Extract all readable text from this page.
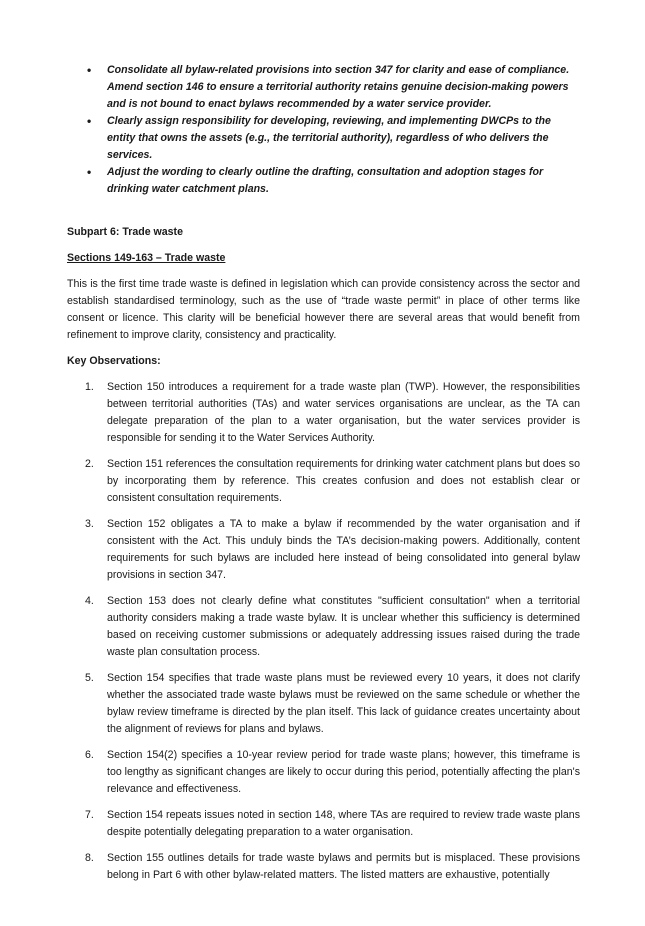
• Consolidate all bylaw-related provisions into section 347 for clarity and ease of compliance. Amend section 146 to ensure a territorial authority retains genuine decision-making powers and is not bound to enact bylaws recommended by a water service provider.
• Clearly assign responsibility for developing, reviewing, and implementing DWCPs to the entity that owns the assets (e.g., the territorial authority), regardless of who delivers the services.
• Adjust the wording to clearly outline the drafting, consultation and adoption stages for drinking water catchment plans.

Subpart 6: Trade waste

Sections 149-163 – Trade waste

This is the first time trade waste is defined in legislation which can provide consistency across the sector and establish standardised terminology, such as the use of “trade waste permit” in place of other terms like consent or licence. This clarity will be beneficial however there are several areas that would benefit from refinement to improve clarity, consistency and practicality.

Key Observations:

1. Section 150 introduces a requirement for a trade waste plan (TWP). However, the responsibilities between territorial authorities (TAs) and water services organisations are unclear, as the TA can delegate preparation of the plan to a water organisation, but the water services provider is responsible for sending it to the Water Services Authority.
2. Section 151 references the consultation requirements for drinking water catchment plans but does so by incorporating them by reference. This creates confusion and does not establish clear or consistent consultation requirements.
3. Section 152 obligates a TA to make a bylaw if recommended by the water organisation and if consistent with the Act. This unduly binds the TA’s decision-making powers. Additionally, content requirements for such bylaws are included here instead of being consolidated into general bylaw provisions in section 347.
4. Section 153 does not clearly define what constitutes "sufficient consultation" when a territorial authority considers making a trade waste bylaw. It is unclear whether this sufficiency is determined based on receiving customer submissions or adequately addressing issues raised during the trade waste plan consultation process.
5. Section 154 specifies that trade waste plans must be reviewed every 10 years, it does not clarify whether the associated trade waste bylaws must be reviewed on the same schedule or whether the bylaw review timeframe is directed by the plan itself. This lack of guidance creates uncertainty about the alignment of reviews for plans and bylaws.
6. Section 154(2) specifies a 10-year review period for trade waste plans; however, this timeframe is too lengthy as significant changes are likely to occur during this period, potentially affecting the plan's relevance and effectiveness.
7. Section 154 repeats issues noted in section 148, where TAs are required to review trade waste plans despite potentially delegating preparation to a water organisation.
8. Section 155 outlines details for trade waste bylaws and permits but is misplaced. These provisions belong in Part 6 with other bylaw-related matters. The listed matters are exhaustive, potentially
